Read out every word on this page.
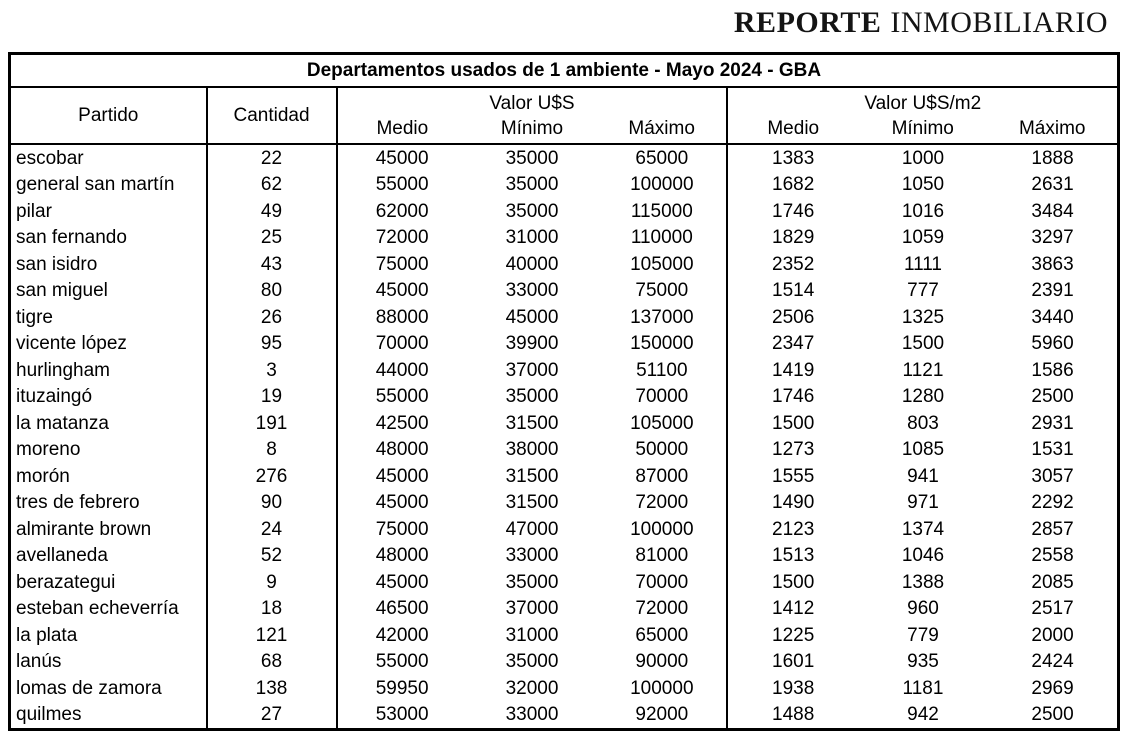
REPORTE INMOBILIARIO
Departamentos usados de 1 ambiente - Mayo 2024 - GBA							
Partido	Cantidad	
Valor U$S
Medio	Mínimo	Máximo

Valor U$S/m2
Medio	Mínimo	Máximo

escobar	22	45000	35000	65000	1383	1000	1888
general san martín	62	55000	35000	100000	1682	1050	2631
pilar	49	62000	35000	115000	1746	1016	3484
san fernando	25	72000	31000	110000	1829	1059	3297
san isidro	43	75000	40000	105000	2352	1111	3863
san miguel	80	45000	33000	75000	1514	777	2391
tigre	26	88000	45000	137000	2506	1325	3440
vicente lópez	95	70000	39900	150000	2347	1500	5960
hurlingham	3	44000	37000	51100	1419	1121	1586
ituzaingó	19	55000	35000	70000	1746	1280	2500
la matanza	191	42500	31500	105000	1500	803	2931
moreno	8	48000	38000	50000	1273	1085	1531
morón	276	45000	31500	87000	1555	941	3057
tres de febrero	90	45000	31500	72000	1490	971	2292
almirante brown	24	75000	47000	100000	2123	1374	2857
avellaneda	52	48000	33000	81000	1513	1046	2558
berazategui	9	45000	35000	70000	1500	1388	2085
esteban echeverría	18	46500	37000	72000	1412	960	2517
la plata	121	42000	31000	65000	1225	779	2000
lanús	68	55000	35000	90000	1601	935	2424
lomas de zamora	138	59950	32000	100000	1938	1181	2969
quilmes	27	53000	33000	92000	1488	942	2500
